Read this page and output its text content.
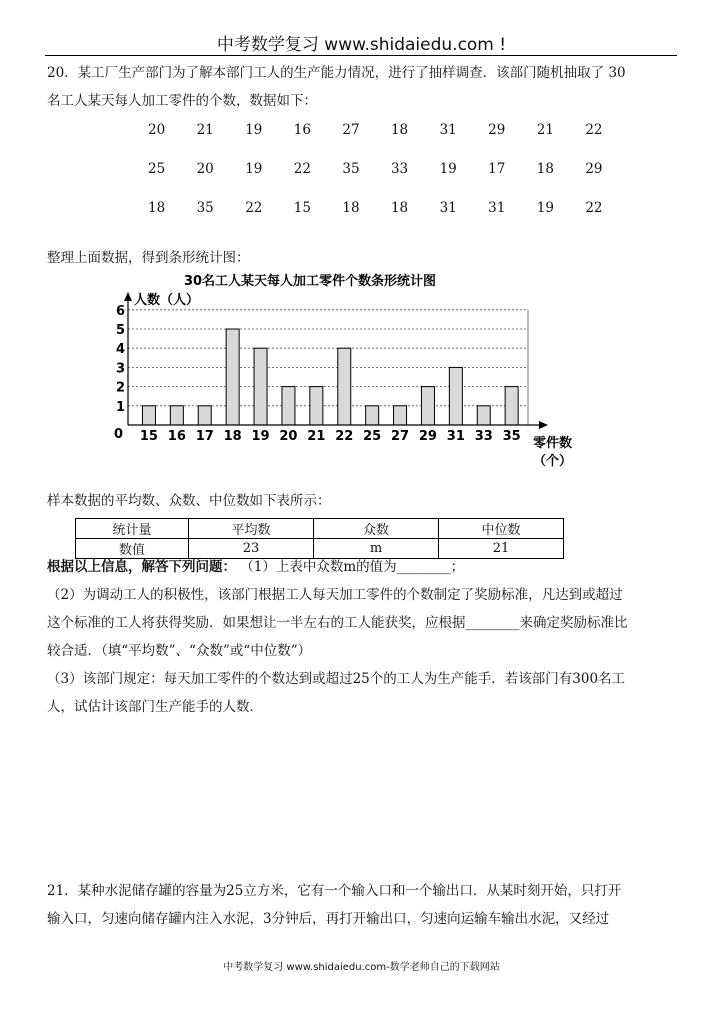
中考数学复习 www.shidaiedu.com !
20．某工厂生产部门为了解本部门工人的生产能力情况，进行了抽样调查．该部门随机抽取了 30
名工人某天每人加工零件的个数，数据如下：
20 21 19 16 27 18 31 29 21 22
25 20 19 22 35 33 19 17 18 29
18 35 22 15 18 18 31 31 19 22
整理上面数据，得到条形统计图：
30名工人某天每人加工零件个数条形统计图
人数（人）
零件数
（个）
0 15 16 17 18 19 20 21 22 25 27 29 31 33 35
1
2
3
4
5
6
样本数据的平均数、众数、中位数如下表所示：
统计量	平均数	众数	中位数
数值	23	m	21
根据以上信息，解答下列问题： （1）上表中众数m的值为________；
（2）为调动工人的积极性，该部门根据工人每天加工零件的个数制定了奖励标准，凡达到或超过
这个标准的工人将获得奖励．如果想让一半左右的工人能获奖，应根据________来确定奖励标准比
较合适．（填“平均数”、“众数”或“中位数”）
（3）该部门规定：每天加工零件的个数达到或超过25个的工人为生产能手．若该部门有300名工
人，试估计该部门生产能手的人数．
21．某种水泥储存罐的容量为25立方米，它有一个输入口和一个输出口．从某时刻开始，只打开
输入口，匀速向储存罐内注入水泥，3分钟后，再打开输出口，匀速向运输车输出水泥，又经过
中考数学复习 www.shidaiedu.com-数学老师自己的下载网站
